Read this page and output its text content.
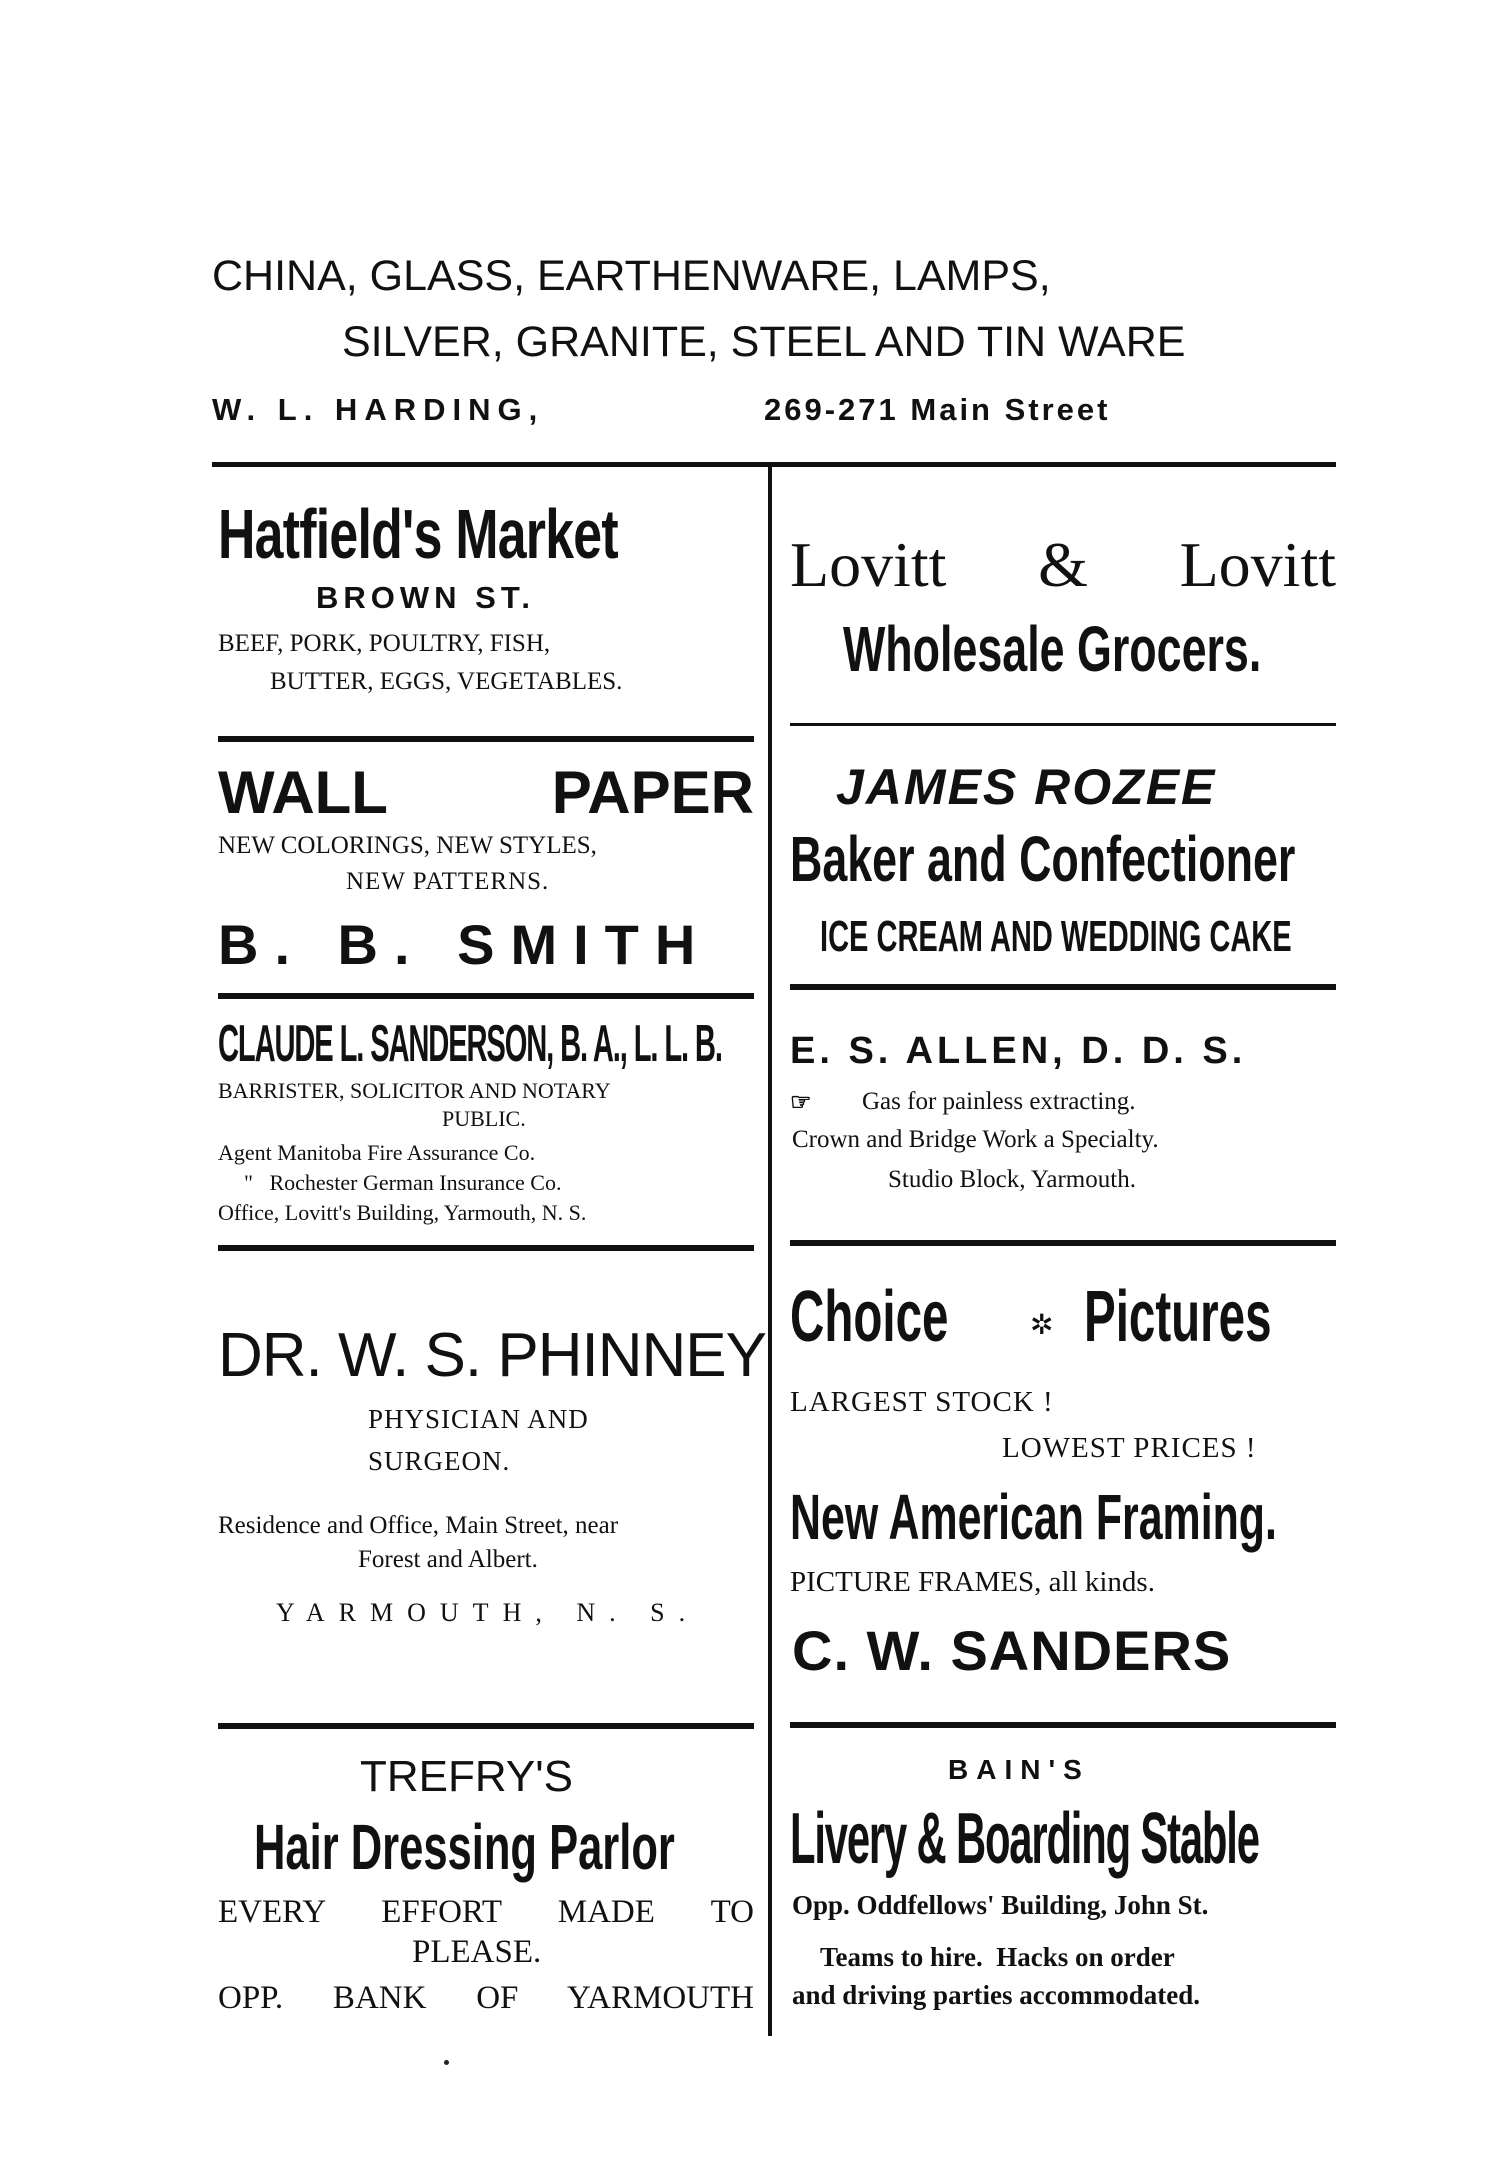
CHINA, GLASS, EARTHENWARE, LAMPS,
SILVER, GRANITE, STEEL AND TIN WARE
W. L. HARDING,	269-271 Main Street
Hatfield's Market
BROWN ST.
BEEF, PORK, POULTRY, FISH,
BUTTER, EGGS, VEGETABLES.
Lovitt & Lovitt
Wholesale Grocers.
WALL PAPER
NEW COLORINGS, NEW STYLES,
NEW PATTERNS.
B. B. SMITH
JAMES ROZEE
Baker and Confectioner
ICE CREAM AND WEDDING CAKE
CLAUDE L. SANDERSON, B. A., L. L. B.
BARRISTER, SOLICITOR AND NOTARY
PUBLIC.
Agent Manitoba Fire Assurance Co.
"   Rochester German Insurance Co.
Office, Lovitt's Building, Yarmouth, N. S.
E. S. ALLEN, D. D. S.
☞ Gas for painless extracting.
Crown and Bridge Work a Specialty.
Studio Block, Yarmouth.
DR. W. S. PHINNEY
PHYSICIAN AND
SURGEON.
Residence and Office, Main Street, near
Forest and Albert.
YARMOUTH, N. S.
Choice	✲ Pictures
LARGEST STOCK !
LOWEST PRICES !
New American Framing.
PICTURE FRAMES, all kinds.
C. W. SANDERS
TREFRY'S
Hair Dressing Parlor
EVERY EFFORT MADE TO
PLEASE.
OPP. BANK OF YARMOUTH
BAIN'S
Livery & Boarding Stable
Opp. Oddfellows' Building, John St.
Teams to hire.  Hacks on order
and driving parties accommodated.
